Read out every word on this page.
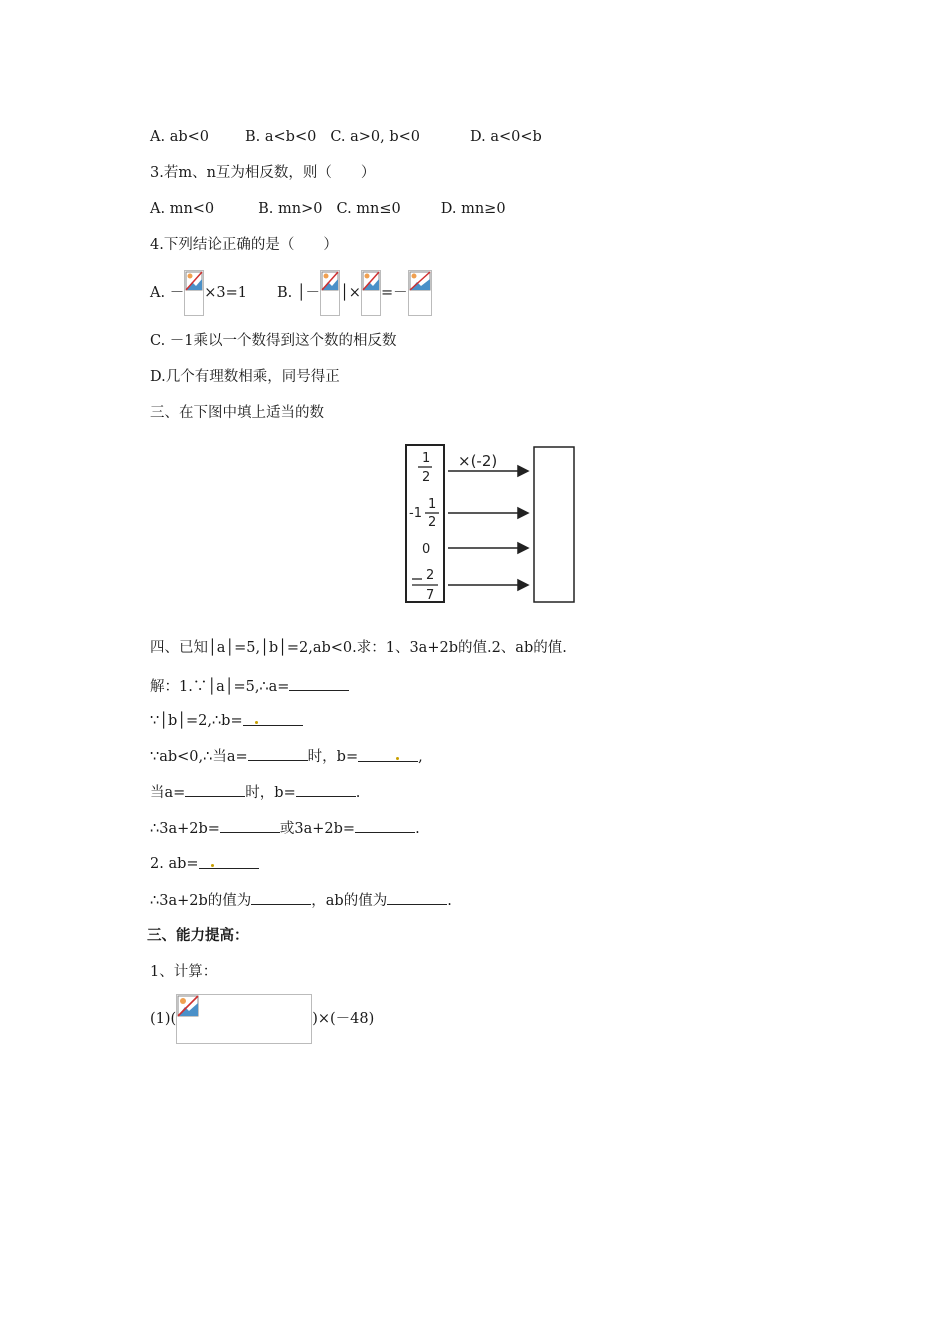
A. ab<0 B. a<b<0 C. a>0, b<0	D. a<0<b
3.若m、n互为相反数，则（　　）
A. mn<0	B. mn>0 C. mn≤0	D. mn≥0
4.下列结论正确的是（　　）
A. － ×3=1 B. │－ │× =－
C. －1乘以一个数得到这个数的相反数
D.几个有理数相乘，同号得正
三、在下图中填上适当的数
×(-2)
1
2
-1
1
2
0
2
7
四、已知│a│=5,│b│=2,ab<0.求：1、3a+2b的值.2、ab的值.
解：1.∵│a│=5,∴a=
∵│b│=2,∴b=
∵ab<0,∴当a=	时，b=	,
当a=	时，b=	.
∴3a+2b=	或3a+2b=	.
2. ab=
∴3a+2b的值为	，ab的值为	.
三、能力提高：
1、计算：
(1)(	)×(－48)
